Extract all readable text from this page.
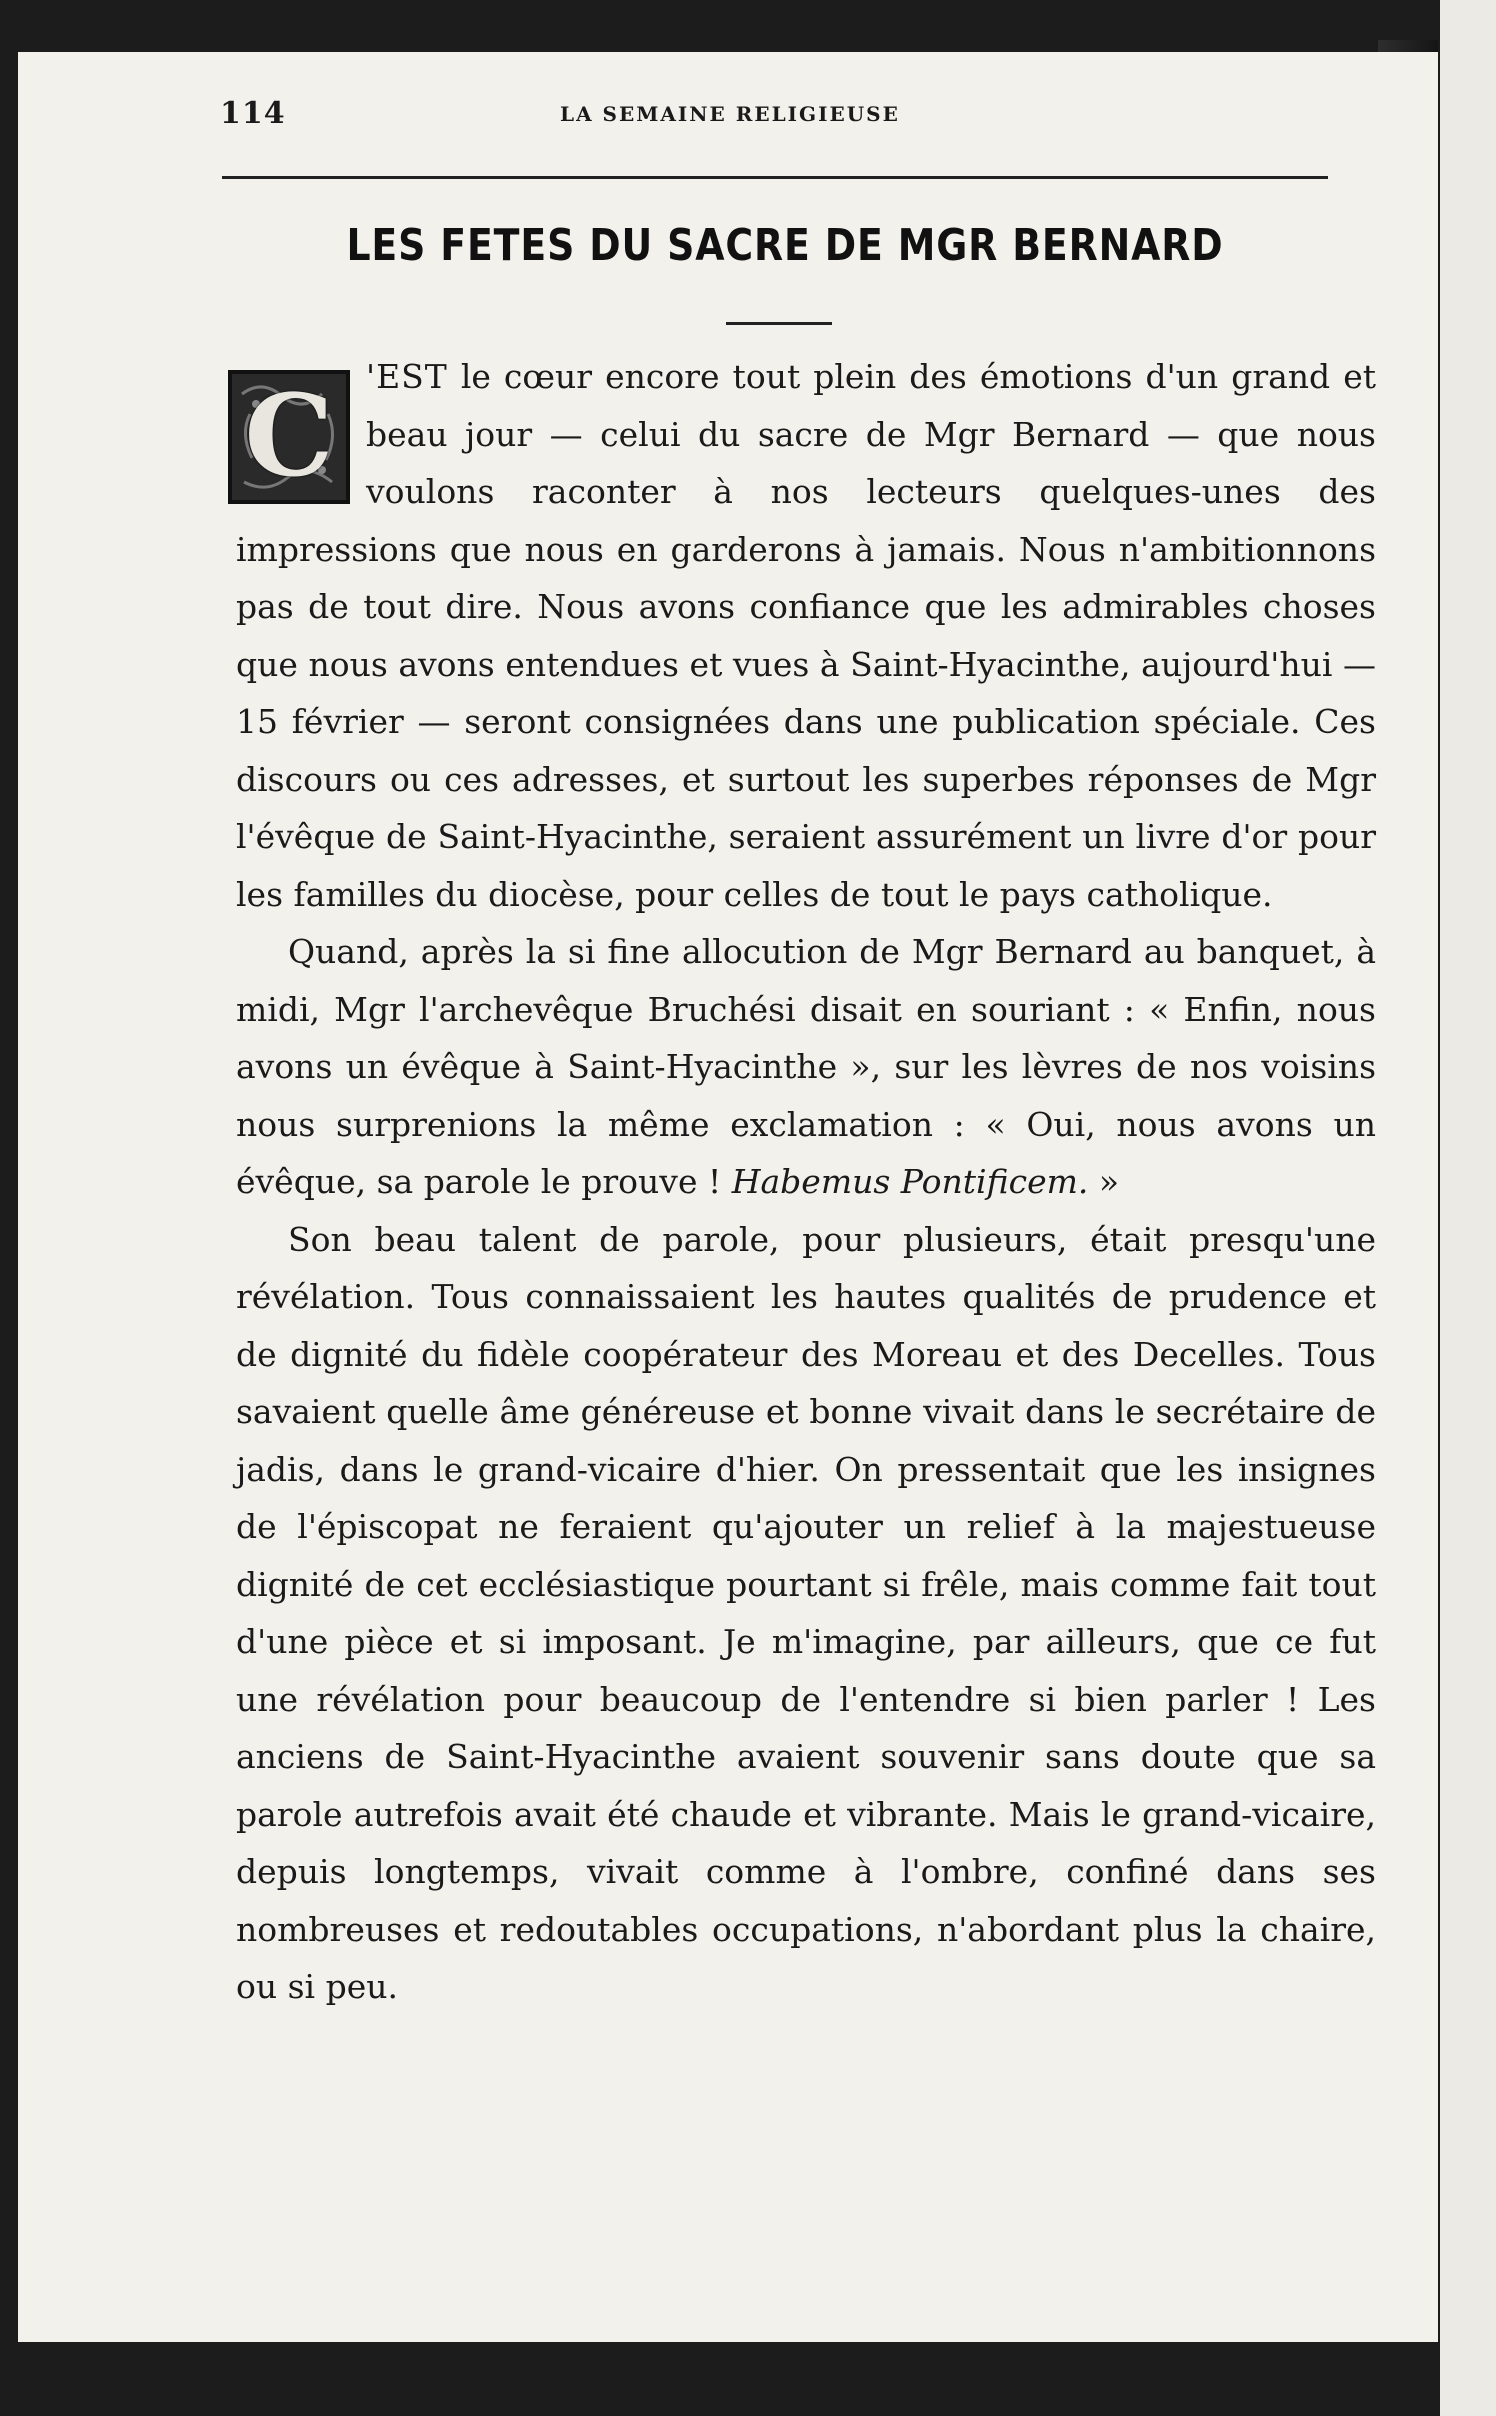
114	LA SEMAINE RELIGIEUSE
LES FETES DU SACRE DE MGR BERNARD

C 'EST le cœur encore tout plein des émotions d'un grand et beau jour — celui du sacre de Mgr Bernard — que nous voulons raconter à nos lecteurs quelques-unes des impressions que nous en garderons à jamais. Nous n'ambitionnons pas de tout dire. Nous avons confiance que les admirables choses que nous avons entendues et vues à Saint-Hyacinthe, aujourd'hui — 15 février — seront consignées dans une publication spéciale. Ces discours ou ces adresses, et surtout les superbes réponses de Mgr l'évêque de Saint-Hyacinthe, seraient assurément un livre d'or pour les familles du diocèse, pour celles de tout le pays catholique.

Quand, après la si fine allocution de Mgr Bernard au banquet, à midi, Mgr l'archevêque Bruchési disait en souriant : « Enfin, nous avons un évêque à Saint-Hyacinthe », sur les lèvres de nos voisins nous surprenions la même exclamation : « Oui, nous avons un évêque, sa parole le prouve ! Habemus Pontificem. »

Son beau talent de parole, pour plusieurs, était presqu'une révélation. Tous connaissaient les hautes qualités de prudence et de dignité du fidèle coopérateur des Moreau et des Decelles. Tous savaient quelle âme généreuse et bonne vivait dans le secrétaire de jadis, dans le grand-vicaire d'hier. On pressentait que les insignes de l'épiscopat ne feraient qu'ajouter un relief à la majestueuse dignité de cet ecclésiastique pourtant si frêle, mais comme fait tout d'une pièce et si imposant. Je m'imagine, par ailleurs, que ce fut une révélation pour beaucoup de l'entendre si bien parler ! Les anciens de Saint-Hyacinthe avaient souvenir sans doute que sa parole autrefois avait été chaude et vibrante. Mais le grand-vicaire, depuis longtemps, vivait comme à l'ombre, confiné dans ses nombreuses et redoutables occupations, n'abordant plus la chaire, ou si peu.
